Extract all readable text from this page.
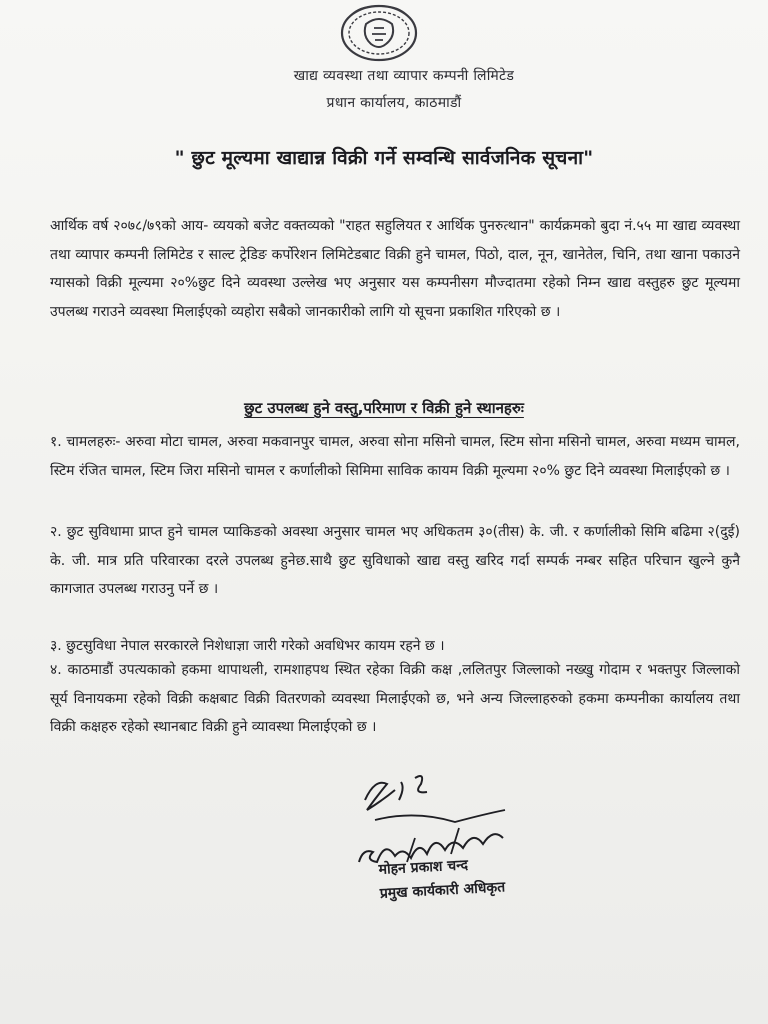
खाद्य व्यवस्था तथा व्यापार कम्पनी लिमिटेड
प्रधान कार्यालय, काठमाडौं
" छुट मूल्यमा खाद्यान्न विक्री गर्ने सम्वन्धि सार्वजनिक सूचना"
आर्थिक वर्ष २०७८/७९को आय- व्ययको बजेट वक्तव्यको "राहत सहुलियत र आर्थिक पुनरुत्थान" कार्यक्रमको बुदा नं.५५ मा खाद्य व्यवस्था तथा व्यापार कम्पनी लिमिटेड र साल्ट ट्रेडिङ कर्पोरेशन लिमिटेडबाट विक्री हुने चामल, पिठो, दाल, नून, खानेतेल, चिनि, तथा खाना पकाउने ग्यासको विक्री मूल्यमा २०%छुट दिने व्यवस्था उल्लेख भए अनुसार यस कम्पनीसग मौज्दातमा रहेको निम्न खाद्य वस्तुहरु छुट मूल्यमा उपलब्ध गराउने व्यवस्था मिलाईएको व्यहोरा सबैको जानकारीको लागि यो सूचना प्रकाशित गरिएको छ ।
छुट उपलब्ध हुने वस्तु,परिमाण र विक्री हुने स्थानहरुः
१. चामलहरुः- अरुवा मोटा चामल, अरुवा मकवानपुर चामल, अरुवा सोना मसिनो चामल, स्टिम सोना मसिनो चामल, अरुवा मध्यम चामल, स्टिम रंजित चामल, स्टिम जिरा मसिनो चामल र कर्णालीको सिमिमा साविक कायम विक्री मूल्यमा २०% छुट दिने व्यवस्था मिलाईएको छ ।
२. छुट सुविधामा प्राप्त हुने चामल प्याकिङको अवस्था अनुसार चामल भए अधिकतम ३०(तीस) के. जी. र कर्णालीको सिमि बढिमा २(दुई) के. जी. मात्र प्रति परिवारका दरले उपलब्ध हुनेछ.साथै छुट सुविधाको खाद्य वस्तु खरिद गर्दा सम्पर्क नम्बर सहित परिचान खुल्ने कुनै कागजात उपलब्ध गराउनु पर्ने छ ।
३. छुटसुविधा नेपाल सरकारले निशेधाज्ञा जारी गरेको अवधिभर कायम रहने छ ।
४. काठमाडौं उपत्यकाको हकमा थापाथली, रामशाहपथ स्थित रहेका विक्री कक्ष ,ललितपुर जिल्लाको नख्खु गोदाम र भक्तपुर जिल्लाको सूर्य विनायकमा रहेको विक्री कक्षबाट विक्री वितरणको व्यवस्था मिलाईएको छ, भने अन्य जिल्लाहरुको हकमा कम्पनीका कार्यालय तथा विक्री कक्षहरु रहेको स्थानबाट विक्री हुने व्यावस्था मिलाईएको छ ।
मोहन प्रकाश चन्द
प्रमुख कार्यकारी अधिकृत
